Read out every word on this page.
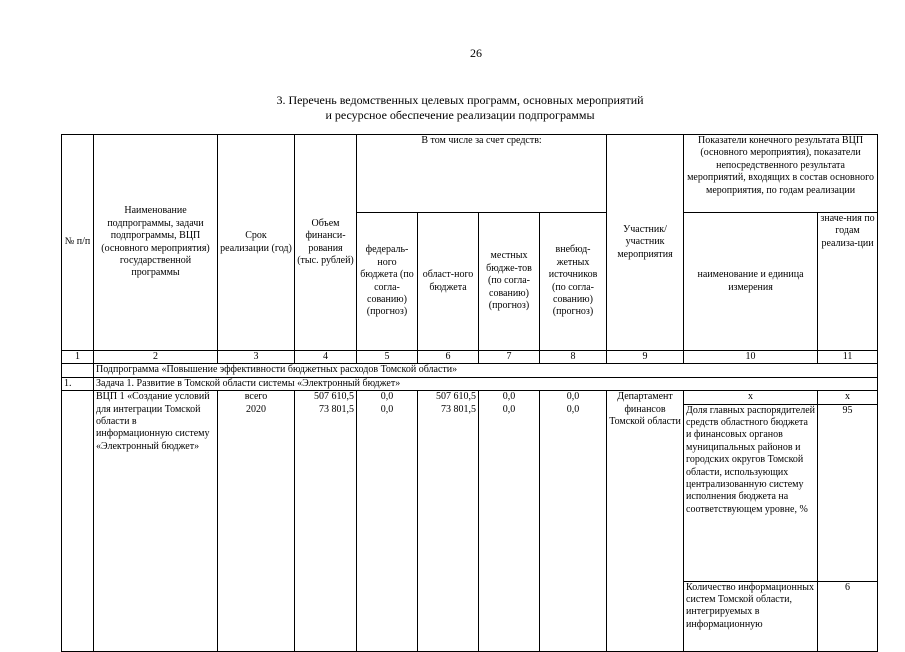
26
3. Перечень ведомственных целевых программ, основных мероприятий
и ресурсное обеспечение реализации подпрограммы
№ п/п	Наименование подпрограммы, задачи подпрограммы, ВЦП (основного мероприятия) государственной программы	Срок реализации (год)	Объем финанси-рования (тыс. рублей)	В том числе за счет средств:				Участник/ участник мероприятия	Показатели конечного результата ВЦП (основного мероприятия), показатели непосредственного результата мероприятий, входящих в состав основного мероприятия, по годам реализации	
				федераль-ного бюджета (по согла-сованию) (прогноз)	област-ного бюджета	местных бюдже-тов (по согла-сованию) (прогноз)	внебюд-жетных источников (по согла-сованию) (прогноз)		наименование и единица измерения	значе-ния по годам реализа-ции
1	2	3	4	5	6	7	8	9	10	11
	Подпрограмма «Повышение эффективности бюджетных расходов Томской области»									
1.	Задача 1. Развитие в Томской области системы «Электронный бюджет»									
	ВЦП 1 «Создание условий для интеграции Томской области в информационную систему «Электронный бюджет»	всего	507 610,5	0,0	507 610,5	0,0	0,0	Департамент финансов Томской области	х	х
		2020	73 801,5	0,0	73 801,5	0,0	0,0		Доля главных распорядителей средств областного бюджета и финансовых органов муниципальных районов и городских округов Томской области, использующих централизованную систему исполнения бюджета на соответствующем уровне, %	95

									Количество информационных систем Томской области, интегрируемых в информационную	6
